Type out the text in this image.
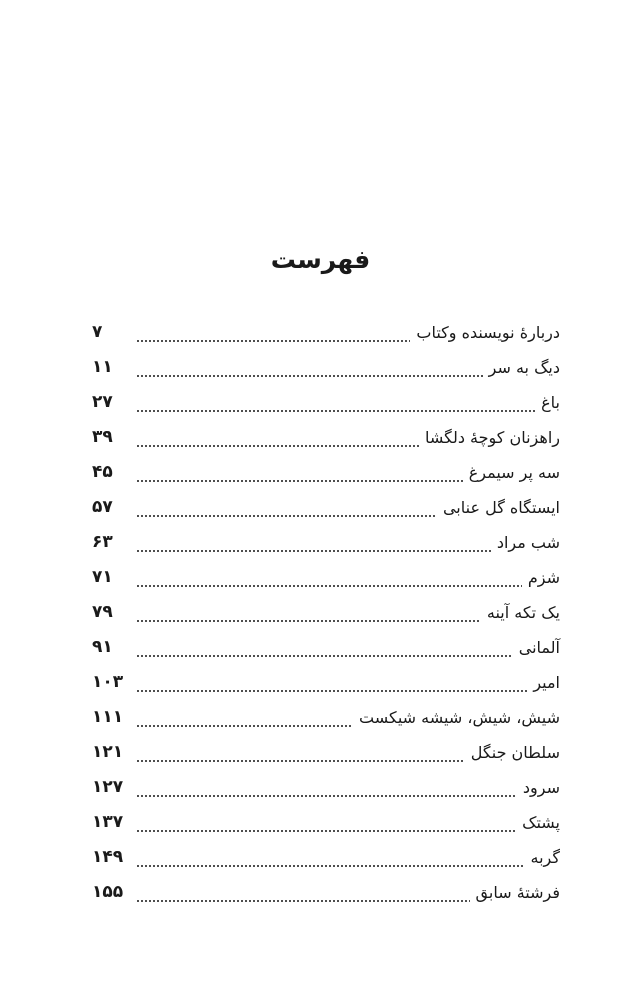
فهرست
دربارهٔ نویسنده وکتاب
۷
دیگ به سر
۱۱
باغ
۲۷
راهزنان کوچهٔ دلگشا
۳۹
سه پر سیمرغ
۴۵
ایستگاه گل عنابی
۵۷
شب مراد
۶۳
شزم
۷۱
یک تکه آینه
۷۹
آلمانی
۹۱
امیر
۱۰۳
شیش، شیش، شیشه شیکست
۱۱۱
سلطان جنگل
۱۲۱
سرود
۱۲۷
پشتک
۱۳۷
گربه
۱۴۹
فرشتهٔ سابق
۱۵۵
